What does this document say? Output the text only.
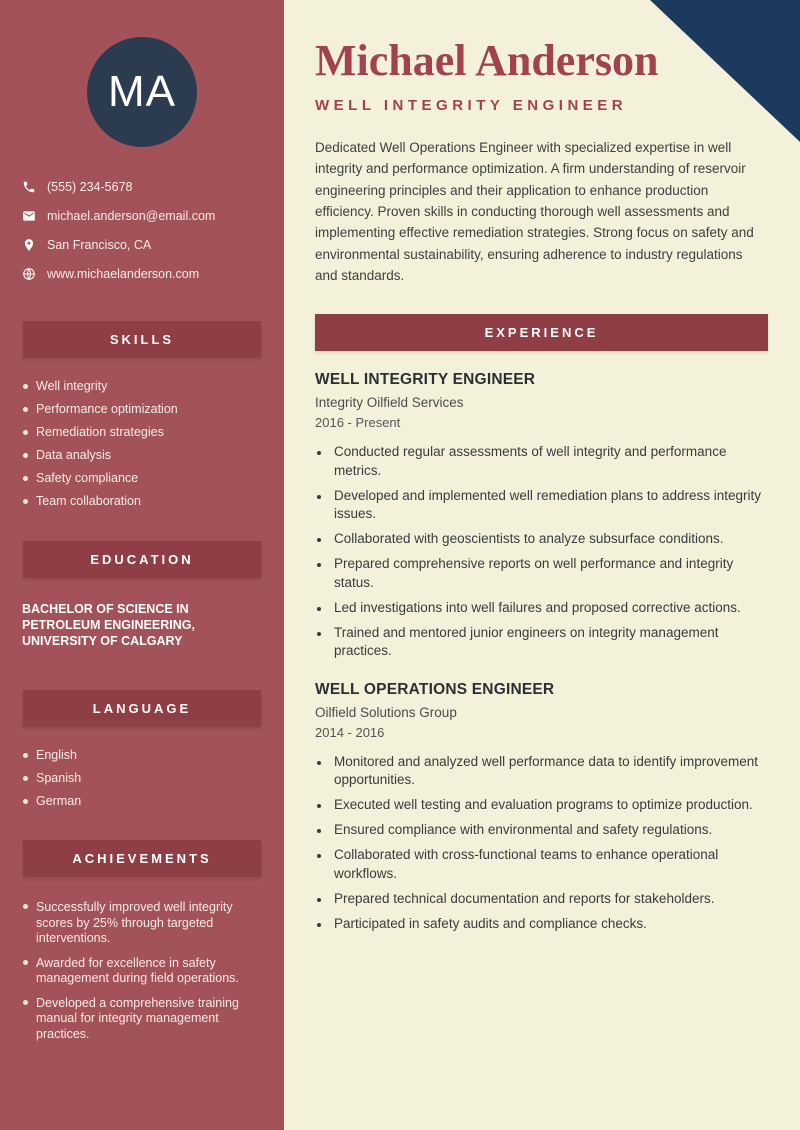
MA
(555) 234-5678
michael.anderson@email.com
San Francisco, CA
www.michaelanderson.com
SKILLS
Well integrity
Performance optimization
Remediation strategies
Data analysis
Safety compliance
Team collaboration
EDUCATION

BACHELOR OF SCIENCE IN PETROLEUM ENGINEERING, UNIVERSITY OF CALGARY

LANGUAGE
English
Spanish
German
ACHIEVEMENTS
Successfully improved well integrity scores by 25% through targeted interventions.
Awarded for excellence in safety management during field operations.
Developed a comprehensive training manual for integrity management practices.
Michael Anderson
WELL INTEGRITY ENGINEER

Dedicated Well Operations Engineer with specialized expertise in well integrity and performance optimization. A firm understanding of reservoir engineering principles and their application to enhance production efficiency. Proven skills in conducting thorough well assessments and implementing effective remediation strategies. Strong focus on safety and environmental sustainability, ensuring adherence to industry regulations and standards.

EXPERIENCE
WELL INTEGRITY ENGINEER
Integrity Oilfield Services
2016 - Present
• Conducted regular assessments of well integrity and performance metrics.
• Developed and implemented well remediation plans to address integrity issues.
• Collaborated with geoscientists to analyze subsurface conditions.
• Prepared comprehensive reports on well performance and integrity status.
• Led investigations into well failures and proposed corrective actions.
• Trained and mentored junior engineers on integrity management practices.
WELL OPERATIONS ENGINEER
Oilfield Solutions Group
2014 - 2016
• Monitored and analyzed well performance data to identify improvement opportunities.
• Executed well testing and evaluation programs to optimize production.
• Ensured compliance with environmental and safety regulations.
• Collaborated with cross-functional teams to enhance operational workflows.
• Prepared technical documentation and reports for stakeholders.
• Participated in safety audits and compliance checks.
